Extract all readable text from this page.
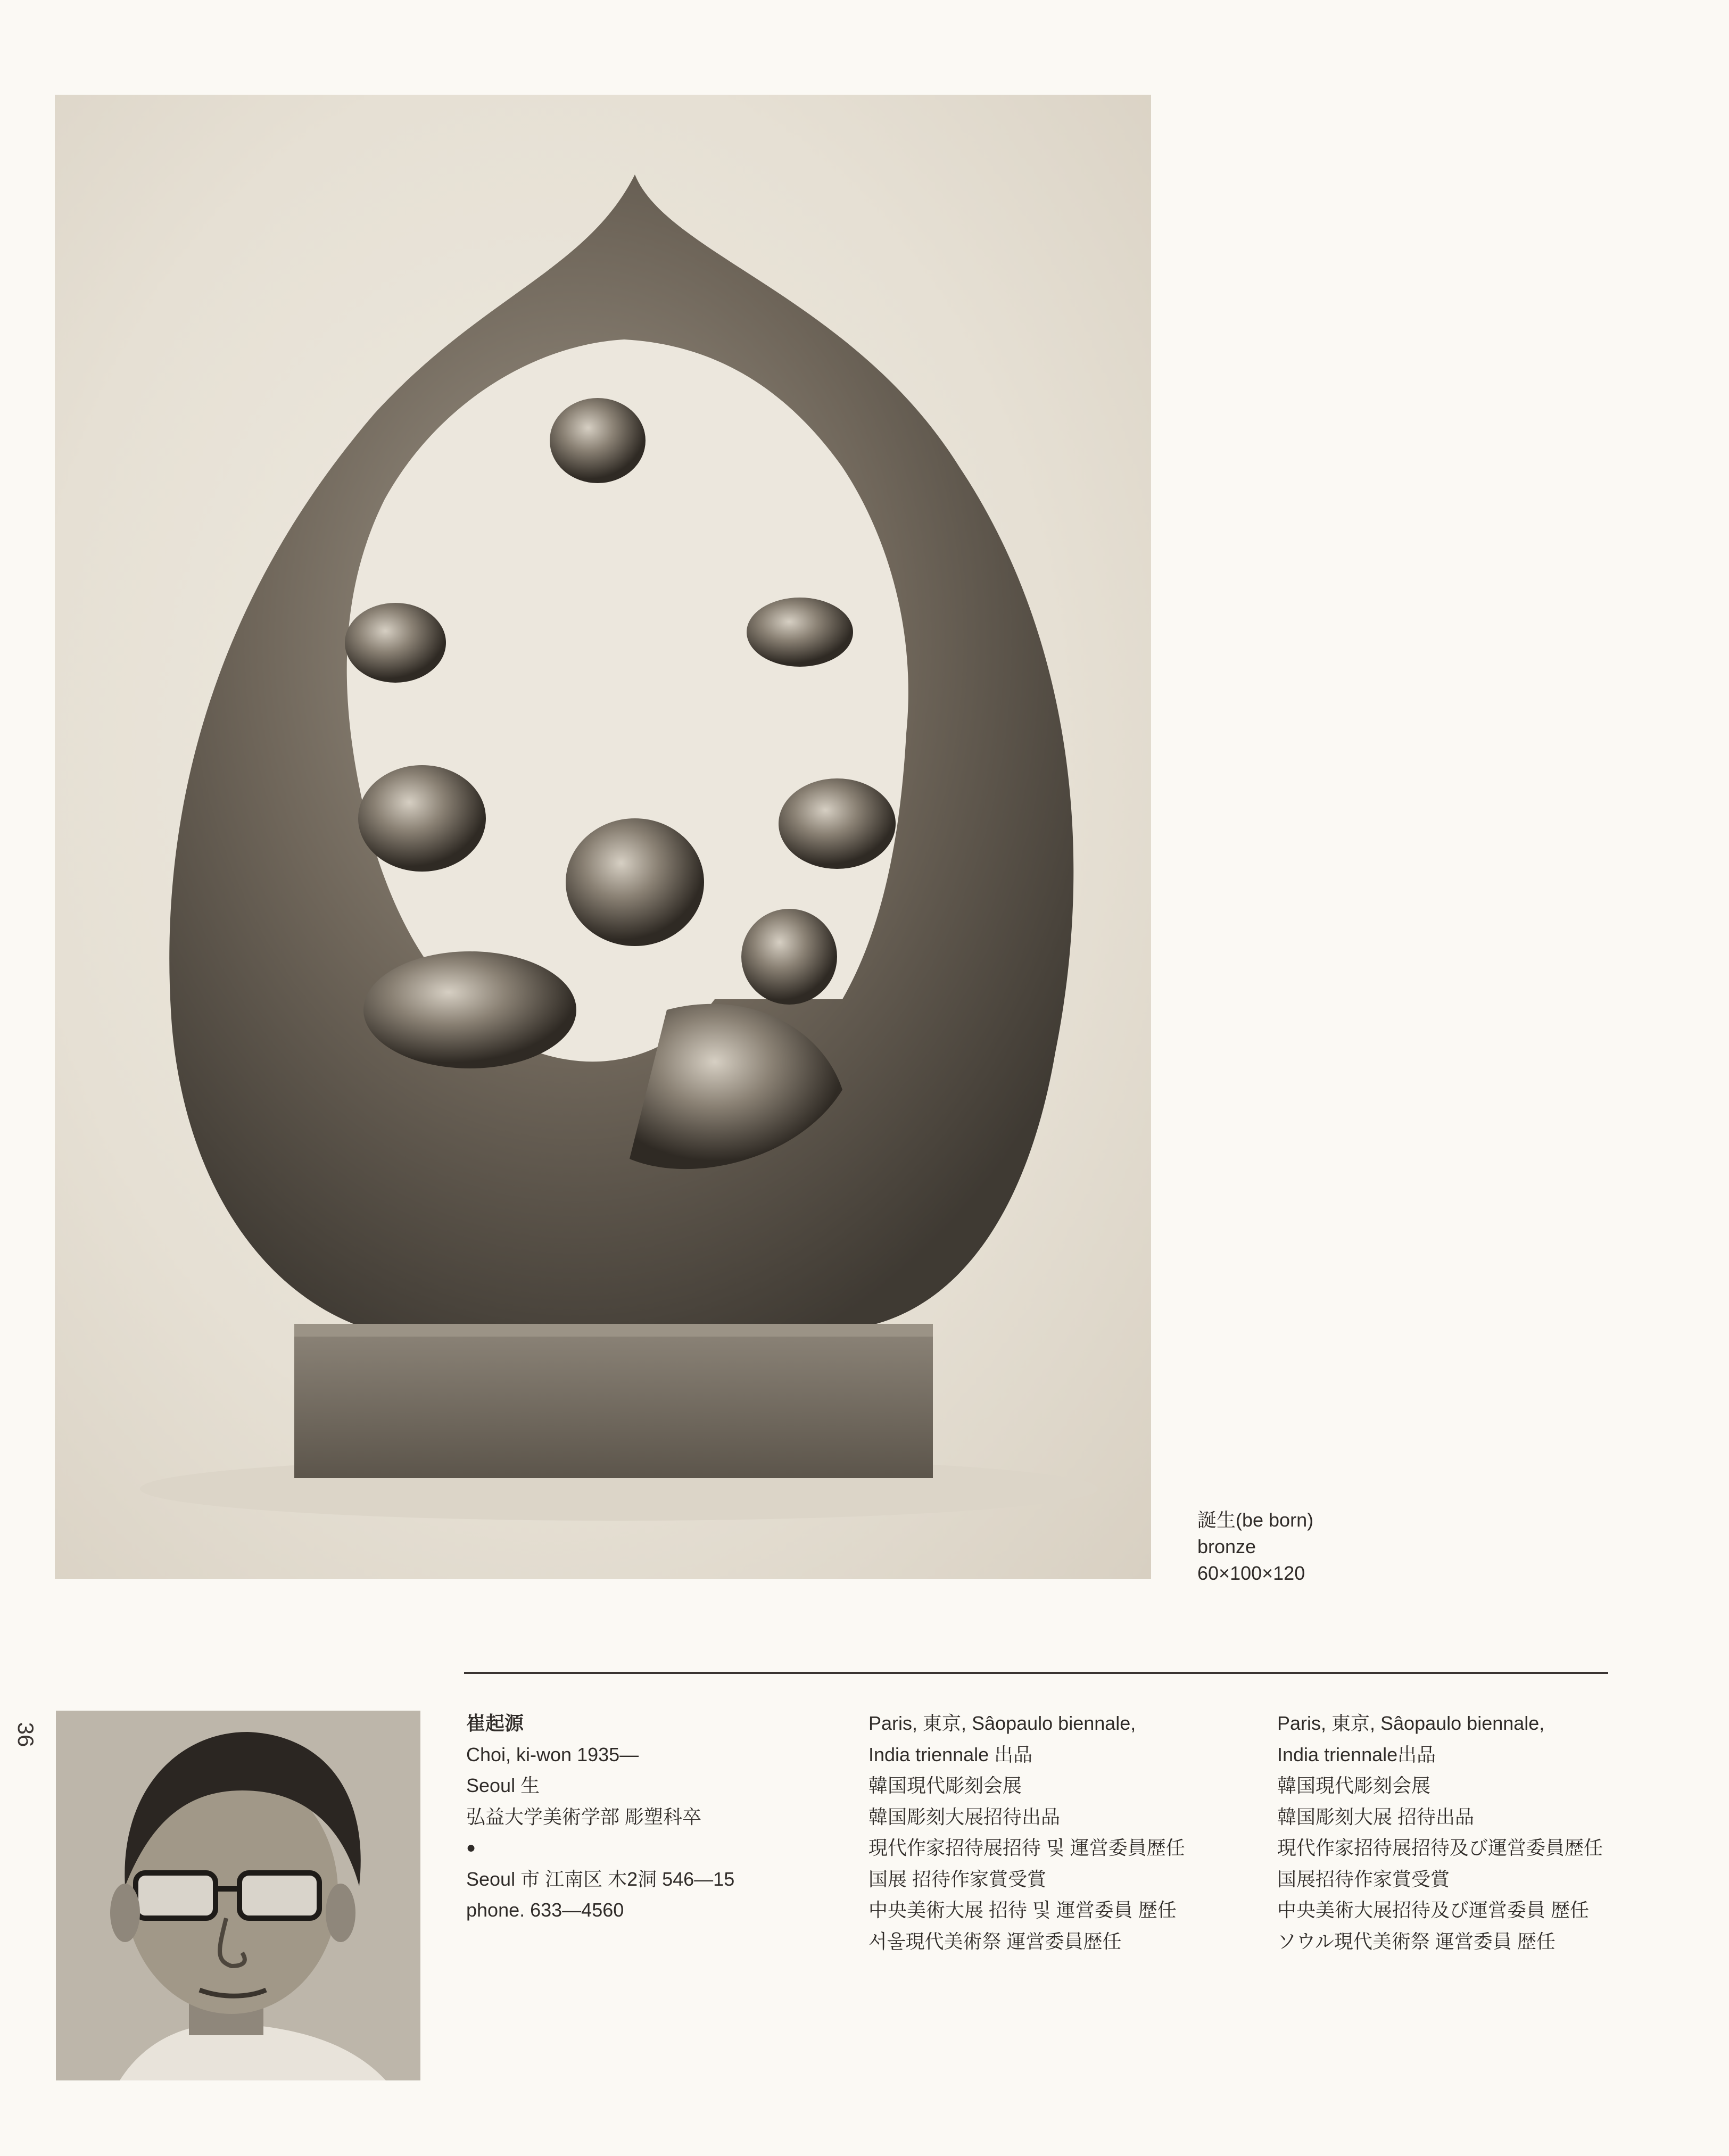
誕生(be born)
bronze
60×100×120
36	崔起源
Choi, ki-won 1935—
Seoul 生
弘益大学美術学部 彫塑科卒
●
Seoul 市 江南区 木2洞 546—15
phone. 633—4560
Paris, 東京, Sâopaulo biennale,
India triennale 出品
韓国現代彫刻会展
韓国彫刻大展招待出品
現代作家招待展招待 및 運営委員歴任
国展 招待作家賞受賞
中央美術大展 招待 및 運営委員 歴任
서울現代美術祭 運営委員歴任
Paris, 東京, Sâopaulo biennale,
India triennale出品
韓国現代彫刻会展
韓国彫刻大展 招待出品
現代作家招待展招待及び運営委員歴任
国展招待作家賞受賞
中央美術大展招待及び運営委員 歴任
ソウル現代美術祭 運営委員 歴任
